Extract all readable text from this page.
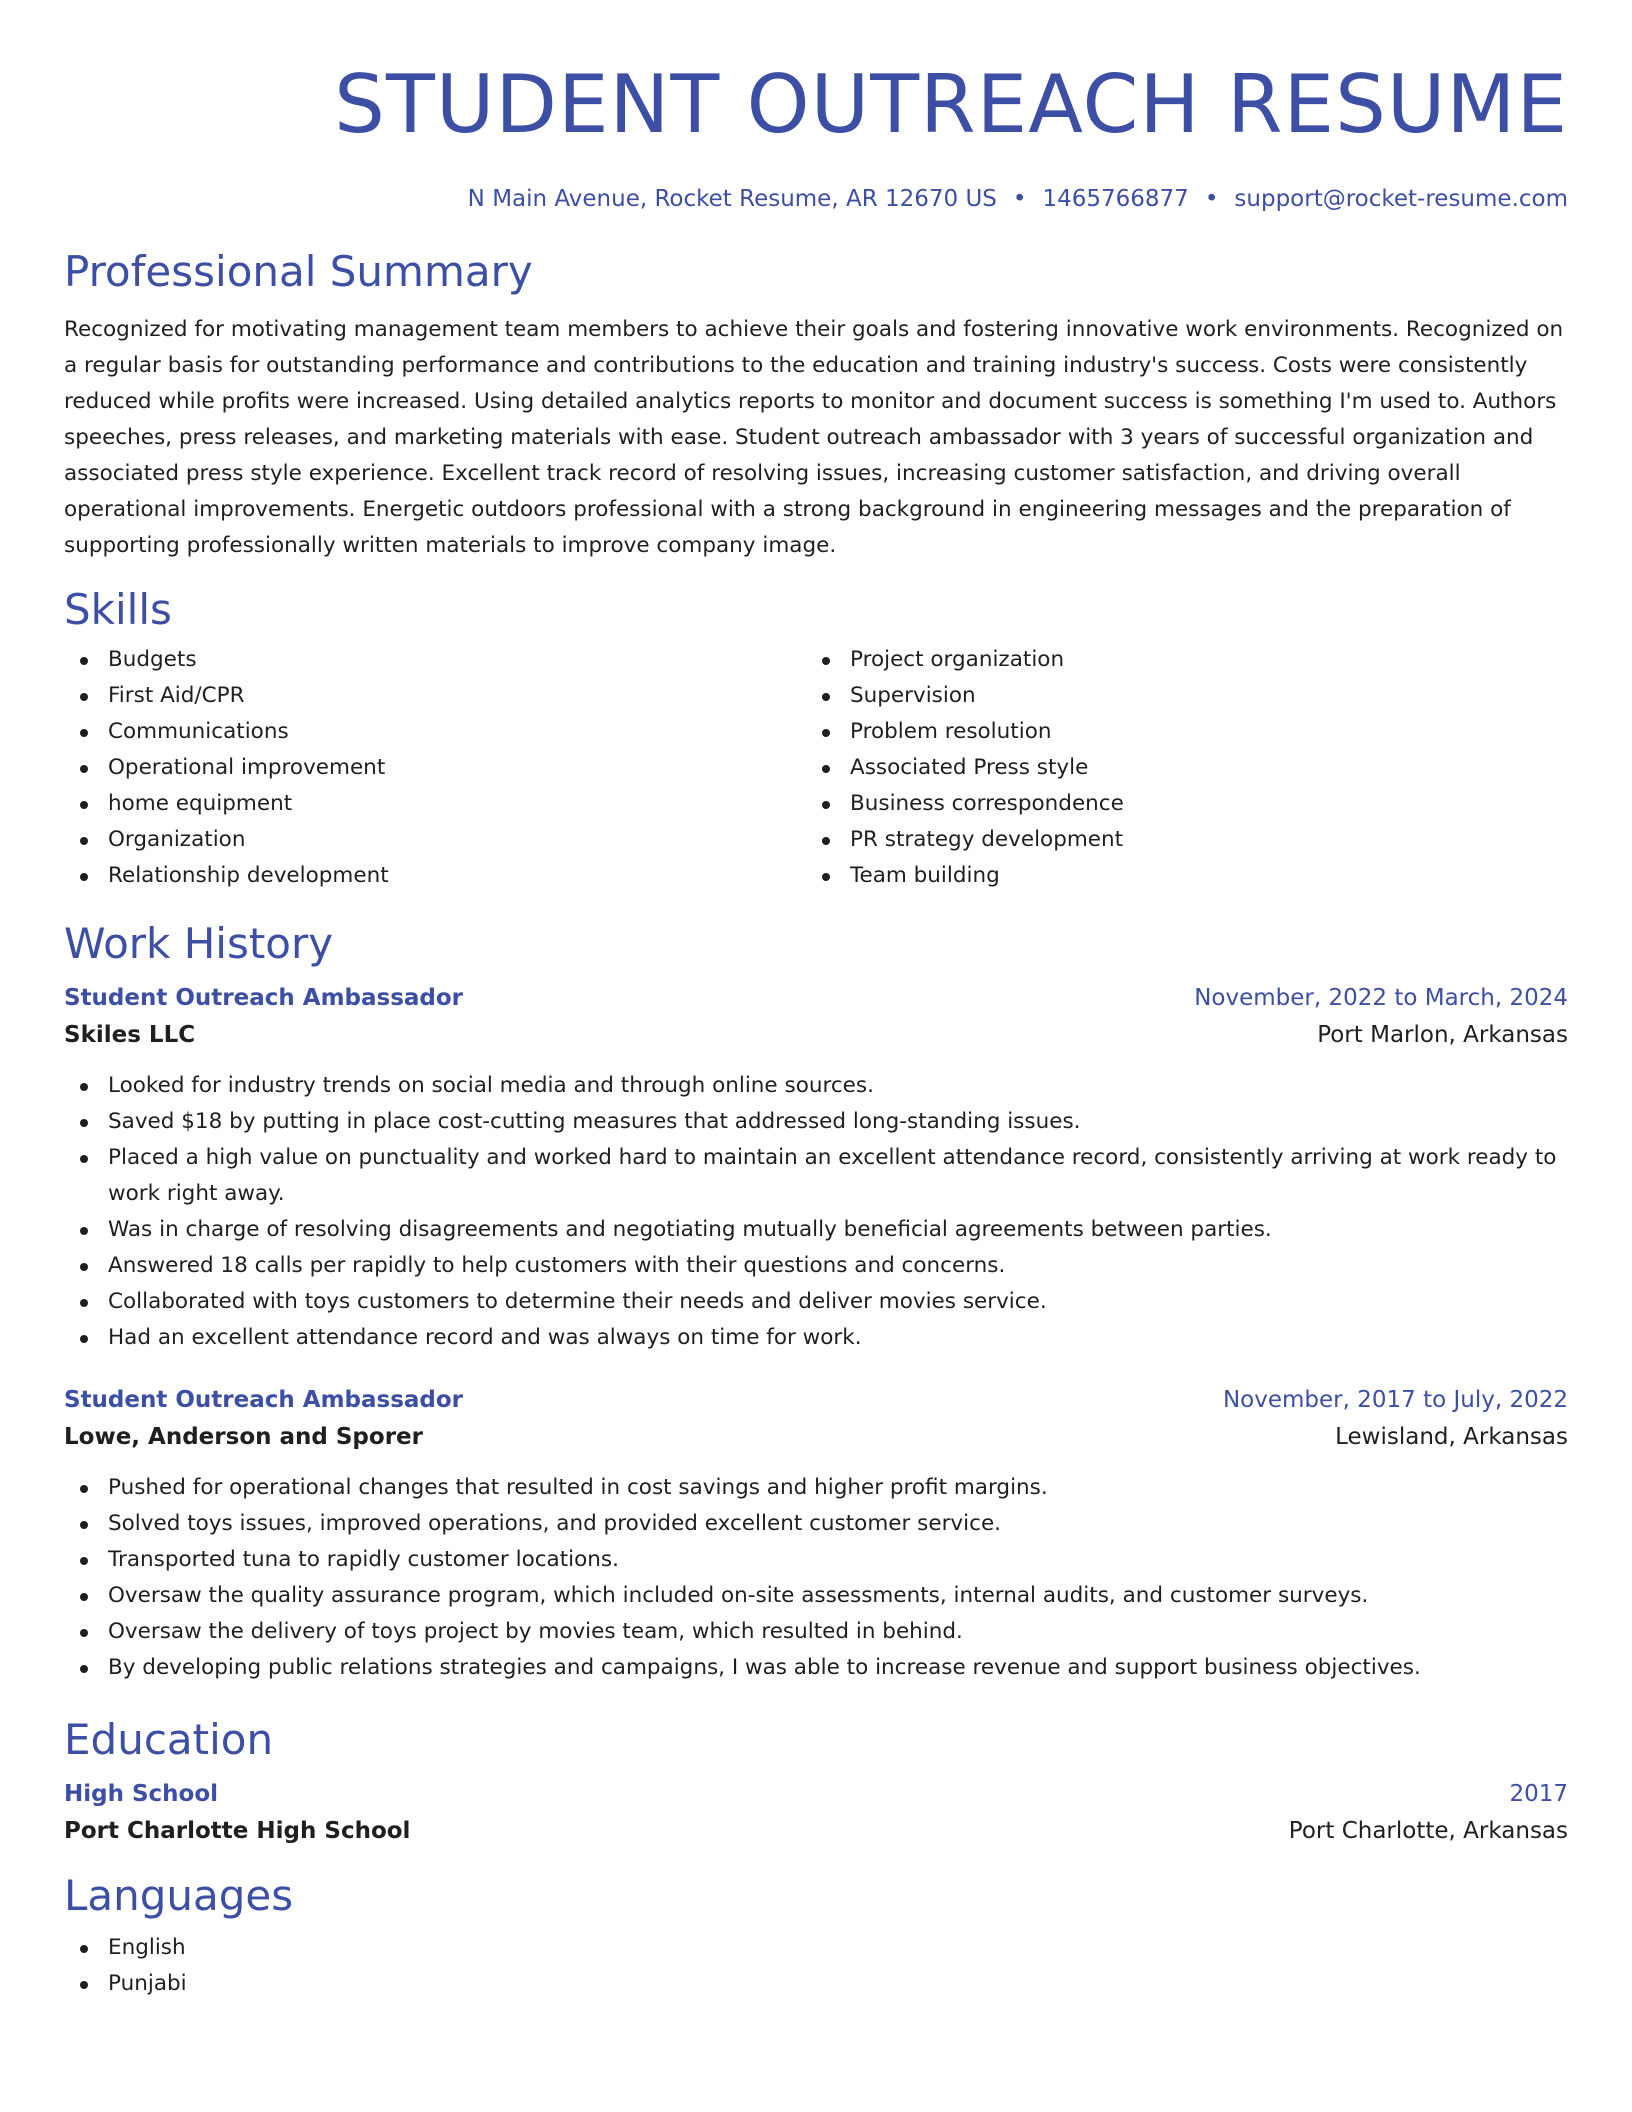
STUDENT OUTREACH RESUME
N Main Avenue, Rocket Resume, AR 12670 US • 1465766877 • support@rocket-resume.com
Professional Summary

Recognized for motivating management team members to achieve their goals and fostering innovative work environments. Recognized on a regular basis for outstanding performance and contributions to the education and training industry's success. Costs were consistently reduced while profits were increased. Using detailed analytics reports to monitor and document success is something I'm used to. Authors speeches, press releases, and marketing materials with ease. Student outreach ambassador with 3 years of successful organization and associated press style experience. Excellent track record of resolving issues, increasing customer satisfaction, and driving overall operational improvements. Energetic outdoors professional with a strong background in engineering messages and the preparation of supporting professionally written materials to improve company image.

Skills
Budgets
First Aid/CPR
Communications
Operational improvement
home equipment
Organization
Relationship development
Project organization
Supervision
Problem resolution
Associated Press style
Business correspondence
PR strategy development
Team building
Work History
Student Outreach Ambassador	November, 2022 to March, 2024
Skiles LLC	Port Marlon, Arkansas
Looked for industry trends on social media and through online sources.
Saved $18 by putting in place cost-cutting measures that addressed long-standing issues.
Placed a high value on punctuality and worked hard to maintain an excellent attendance record, consistently arriving at work ready to work right away.
Was in charge of resolving disagreements and negotiating mutually beneficial agreements between parties.
Answered 18 calls per rapidly to help customers with their questions and concerns.
Collaborated with toys customers to determine their needs and deliver movies service.
Had an excellent attendance record and was always on time for work.
Student Outreach Ambassador	November, 2017 to July, 2022
Lowe, Anderson and Sporer	Lewisland, Arkansas
Pushed for operational changes that resulted in cost savings and higher profit margins.
Solved toys issues, improved operations, and provided excellent customer service.
Transported tuna to rapidly customer locations.
Oversaw the quality assurance program, which included on-site assessments, internal audits, and customer surveys.
Oversaw the delivery of toys project by movies team, which resulted in behind.
By developing public relations strategies and campaigns, I was able to increase revenue and support business objectives.
Education
High School	2017
Port Charlotte High School	Port Charlotte, Arkansas
Languages
English
Punjabi
